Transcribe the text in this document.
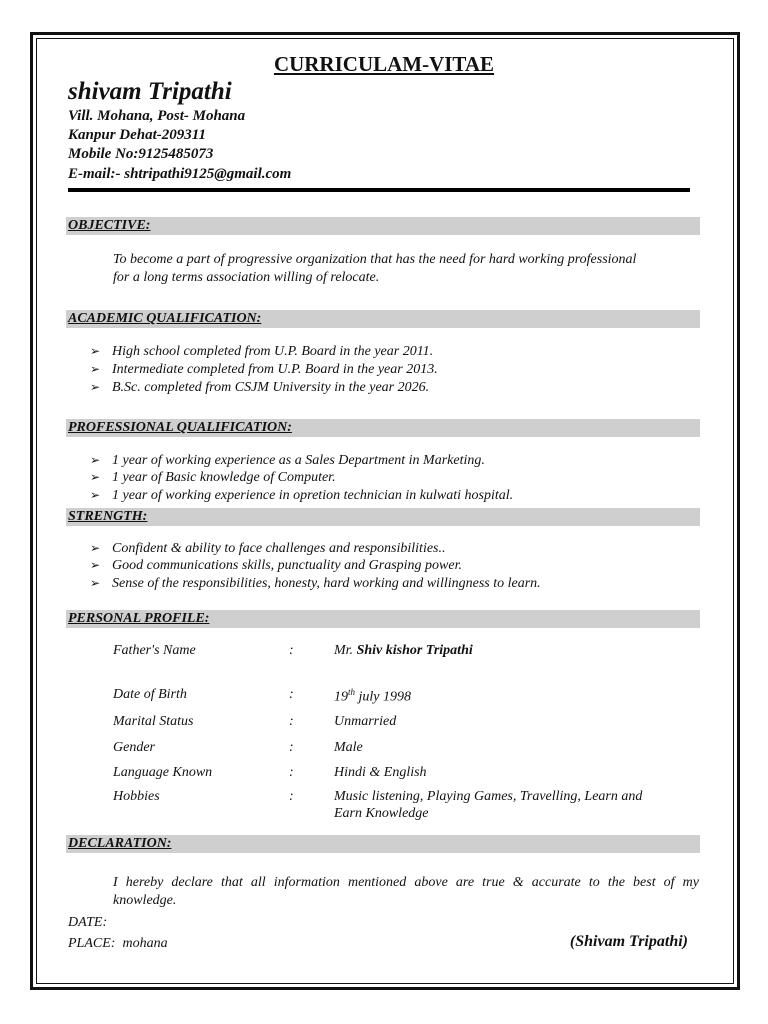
CURRICULAM-VITAE
shivam Tripathi
Vill. Mohana, Post- Mohana
Kanpur Dehat-209311
Mobile No:9125485073
E-mail:- shtripathi9125@gmail.com
OBJECTIVE:
To become a part of progressive organization that has the need for hard working professional
for a long terms association willing of relocate.
ACADEMIC QUALIFICATION:
➢ High school completed from U.P. Board in the year 2011.
➢ Intermediate completed from U.P. Board in the year 2013.
➢ B.Sc. completed from CSJM University in the year 2026.
PROFESSIONAL QUALIFICATION:
➢ 1 year of working experience as a Sales Department in Marketing.
➢ 1 year of Basic knowledge of Computer.
➢ 1 year of working experience in opretion technician in kulwati hospital.
STRENGTH:
➢ Confident & ability to face challenges and responsibilities..
➢ Good communications skills, punctuality and Grasping power.
➢ Sense of the responsibilities, honesty, hard working and willingness to learn.
PERSONAL PROFILE:
Father's Name	:	Mr. Shiv kishor Tripathi
Date of Birth	:	19th july 1998
Marital Status	:	Unmarried
Gender	:	Male
Language Known	:	Hindi & English
Hobbies	:	Music listening, Playing Games, Travelling, Learn and
Earn Knowledge
DECLARATION:
I hereby declare that all information mentioned above are true & accurate to the best of my
knowledge.
DATE:
PLACE: mohana	(Shivam Tripathi)
